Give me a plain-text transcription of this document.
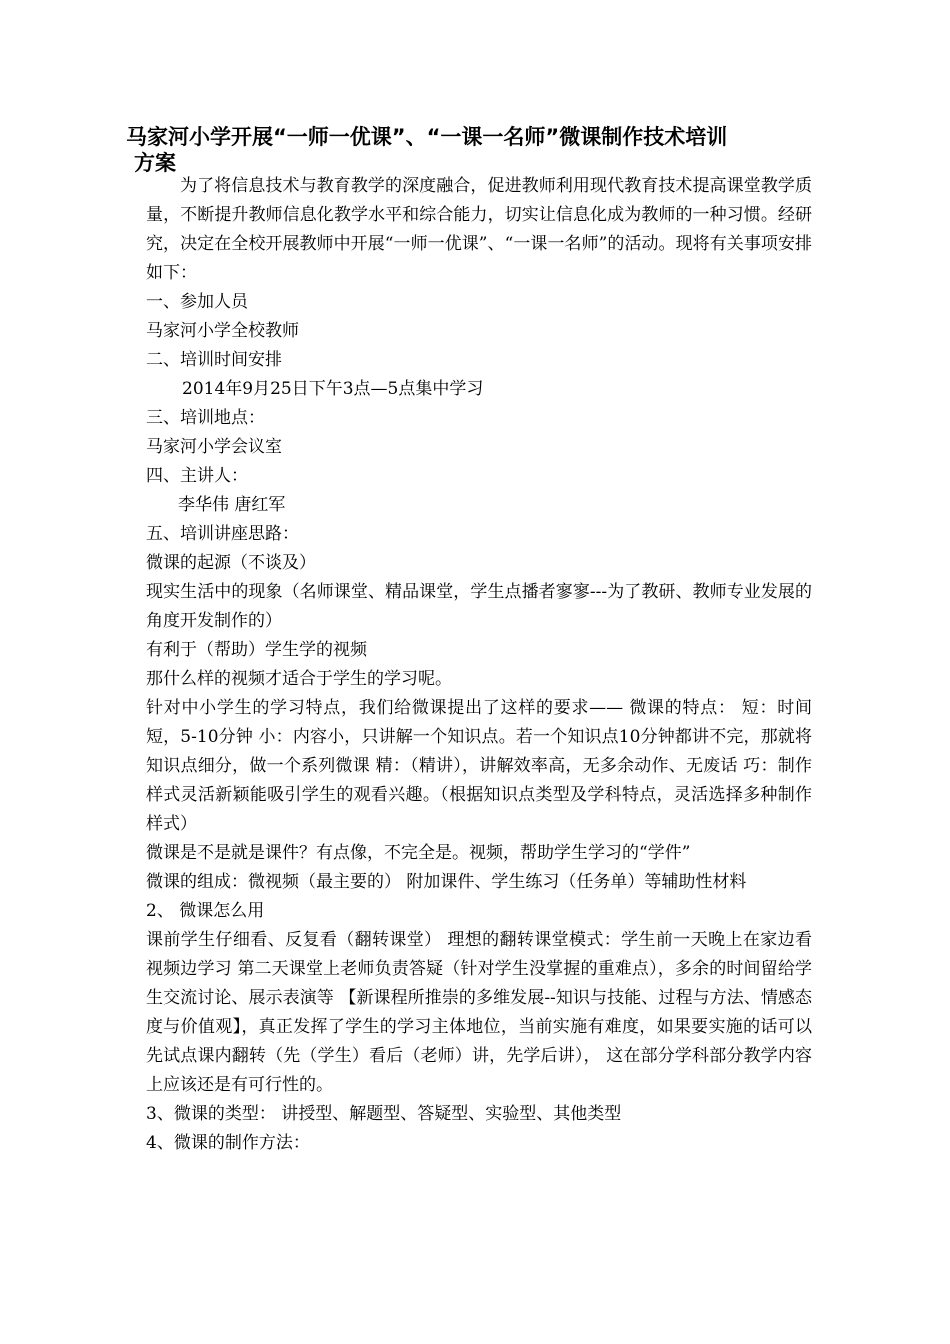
马家河小学开展“一师一优课”、“一课一名师”微课制作技术培训
方案

为了将信息技术与教育教学的深度融合，促进教师利用现代教育技术提高课堂教学质量，不断提升教师信息化教学水平和综合能力，切实让信息化成为教师的一种习惯。经研究，决定在全校开展教师中开展“一师一优课”、“一课一名师”的活动。现将有关事项安排如下：

一、参加人员

马家河小学全校教师

二、培训时间安排

2014年9月25日下午3点—5点集中学习

三、培训地点：

马家河小学会议室

四、主讲人：

李华伟 唐红军

五、培训讲座思路：

微课的起源（不谈及）

现实生活中的现象（名师课堂、精品课堂，学生点播者寥寥---为了教研、教师专业发展的角度开发制作的）

有利于（帮助）学生学的视频

那什么样的视频才适合于学生的学习呢。

针对中小学生的学习特点，我们给微课提出了这样的要求—— 微课的特点： 短：时间短，5-10分钟 小：内容小，只讲解一个知识点。若一个知识点10分钟都讲不完，那就将知识点细分，做一个系列微课 精：（精讲），讲解效率高，无多余动作、无废话 巧：制作样式灵活新颖能吸引学生的观看兴趣。（根据知识点类型及学科特点，灵活选择多种制作样式）

微课是不是就是课件？有点像，不完全是。视频，帮助学生学习的“学件”

微课的组成：微视频（最主要的） 附加课件、学生练习（任务单）等辅助性材料

2、 微课怎么用

课前学生仔细看、反复看（翻转课堂） 理想的翻转课堂模式：学生前一天晚上在家边看视频边学习 第二天课堂上老师负责答疑（针对学生没掌握的重难点），多余的时间留给学生交流讨论、展示表演等 【新课程所推崇的多维发展--知识与技能、过程与方法、情感态度与价值观】，真正发挥了学生的学习主体地位，当前实施有难度，如果要实施的话可以先试点课内翻转（先（学生）看后（老师）讲，先学后讲）， 这在部分学科部分教学内容上应该还是有可行性的。

3、微课的类型： 讲授型、解题型、答疑型、实验型、其他类型

4、微课的制作方法：
